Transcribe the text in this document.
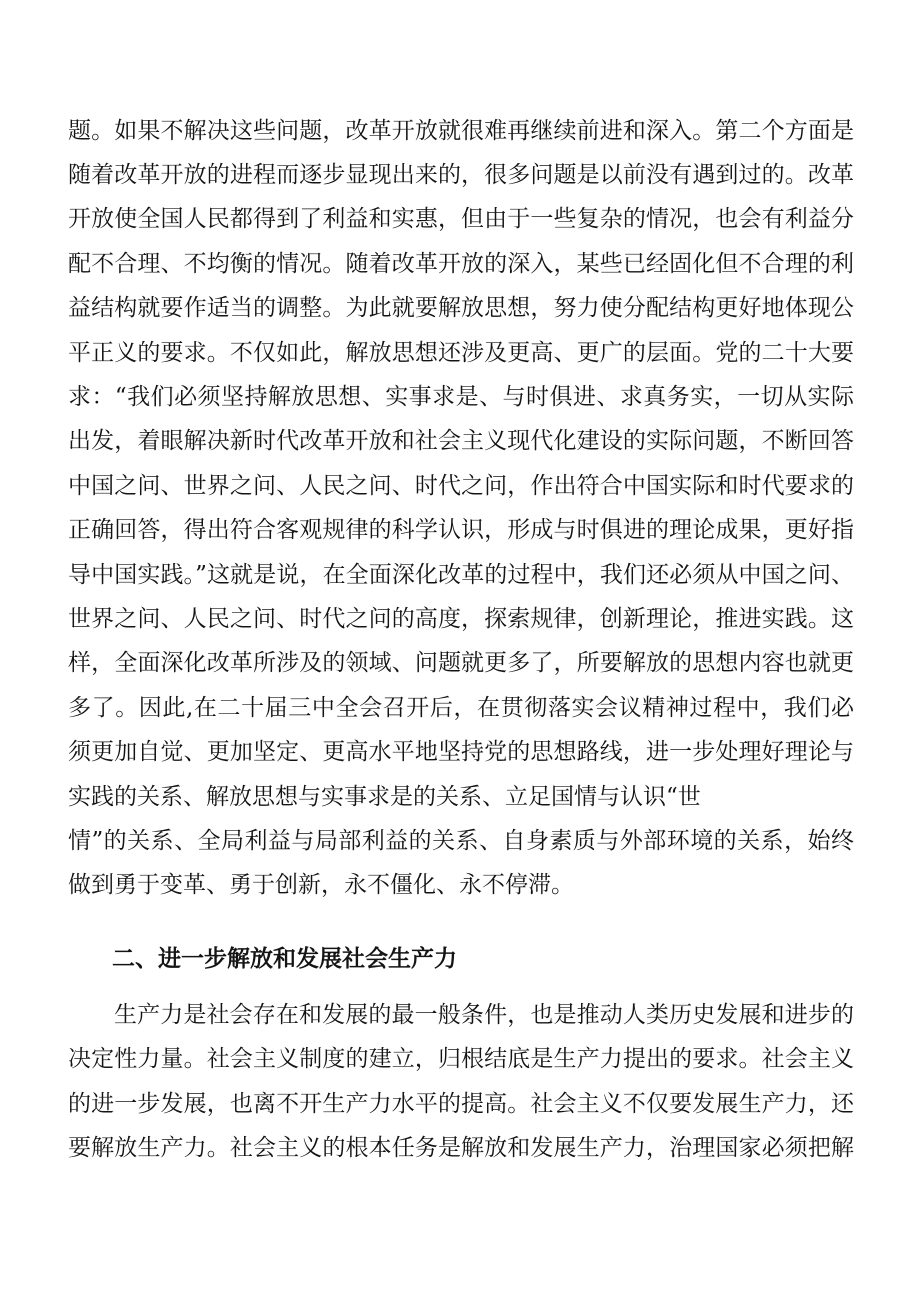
题。如果不解决这些问题，改革开放就很难再继续前进和深入。第二个方面是
随着改革开放的进程而逐步显现出来的，很多问题是以前没有遇到过的。改革
开放使全国人民都得到了利益和实惠，但由于一些复杂的情况，也会有利益分
配不合理、不均衡的情况。随着改革开放的深入，某些已经固化但不合理的利
益结构就要作适当的调整。为此就要解放思想，努力使分配结构更好地体现公
平正义的要求。不仅如此，解放思想还涉及更高、更广的层面。党的二十大要
求：“我们必须坚持解放思想、实事求是、与时俱进、求真务实，一切从实际
出发，着眼解决新时代改革开放和社会主义现代化建设的实际问题，不断回答
中国之问、世界之问、人民之问、时代之问，作出符合中国实际和时代要求的
正确回答，得出符合客观规律的科学认识，形成与时俱进的理论成果，更好指
导中国实践。”这就是说，在全面深化改革的过程中，我们还必须从中国之问、
世界之问、人民之问、时代之问的高度，探索规律，创新理论，推进实践。这
样，全面深化改革所涉及的领域、问题就更多了，所要解放的思想内容也就更
多了。因此,在二十届三中全会召开后，在贯彻落实会议精神过程中，我们必
须更加自觉、更加坚定、更高水平地坚持党的思想路线，进一步处理好理论与
实践的关系、解放思想与实事求是的关系、立足国情与认识“世
情”的关系、全局利益与局部利益的关系、自身素质与外部环境的关系，始终
做到勇于变革、勇于创新，永不僵化、永不停滞。
二、进一步解放和发展社会生产力
生产力是社会存在和发展的最一般条件，也是推动人类历史发展和进步的
决定性力量。社会主义制度的建立，归根结底是生产力提出的要求。社会主义
的进一步发展，也离不开生产力水平的提高。社会主义不仅要发展生产力，还
要解放生产力。社会主义的根本任务是解放和发展生产力，治理国家必须把解
